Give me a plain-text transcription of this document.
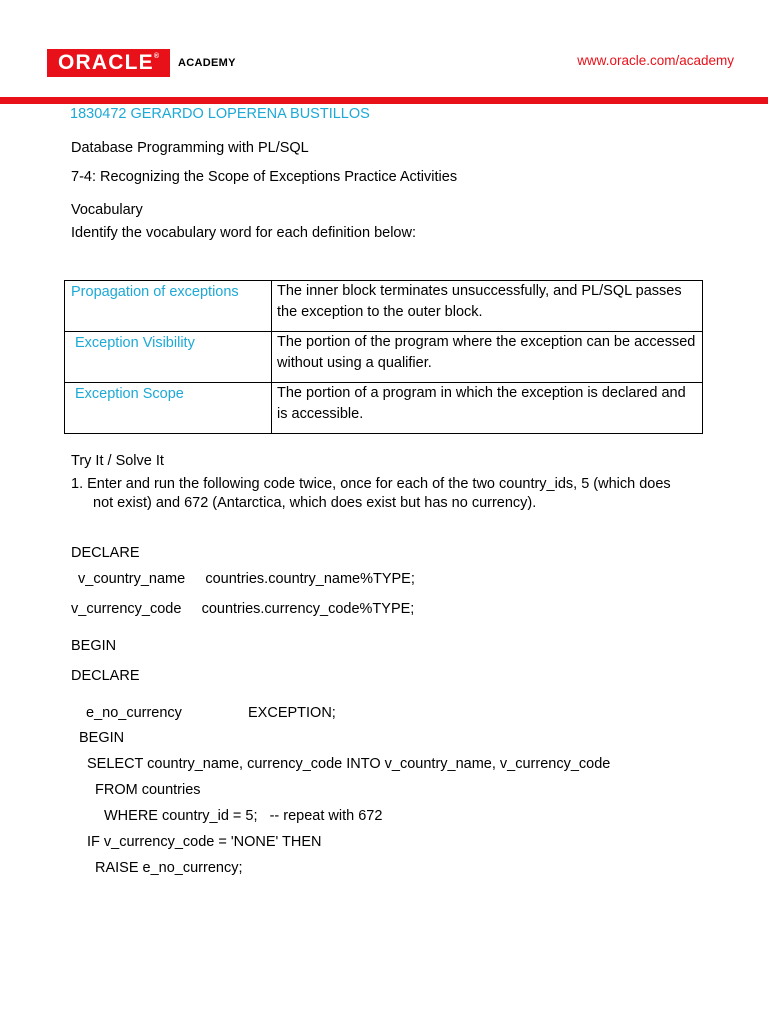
ORACLE®
ACADEMY	www.oracle.com/academy
1830472 GERARDO LOPERENA BUSTILLOS
Database Programming with PL/SQL
7-4: Recognizing the Scope of Exceptions Practice Activities
Vocabulary
Identify the vocabulary word for each definition below:
Propagation of exceptions	The inner block terminates unsuccessfully, and PL/SQL passes the exception to the outer block.
Exception Visibility	The portion of the program where the exception can be accessed without using a qualifier.
Exception Scope	The portion of a program in which the exception is declared and is accessible.
Try It / Solve It
1. Enter and run the following code twice, once for each of the two country_ids, 5 (which does
not exist) and 672 (Antarctica, which does exist but has no currency).
DECLARE
v_country_name     countries.country_name%TYPE;
v_currency_code     countries.currency_code%TYPE;
BEGIN
DECLARE
e_no_currency	EXCEPTION;
BEGIN
SELECT country_name, currency_code INTO v_country_name, v_currency_code
FROM countries
WHERE country_id = 5;   -- repeat with 672
IF v_currency_code = 'NONE' THEN
RAISE e_no_currency;
